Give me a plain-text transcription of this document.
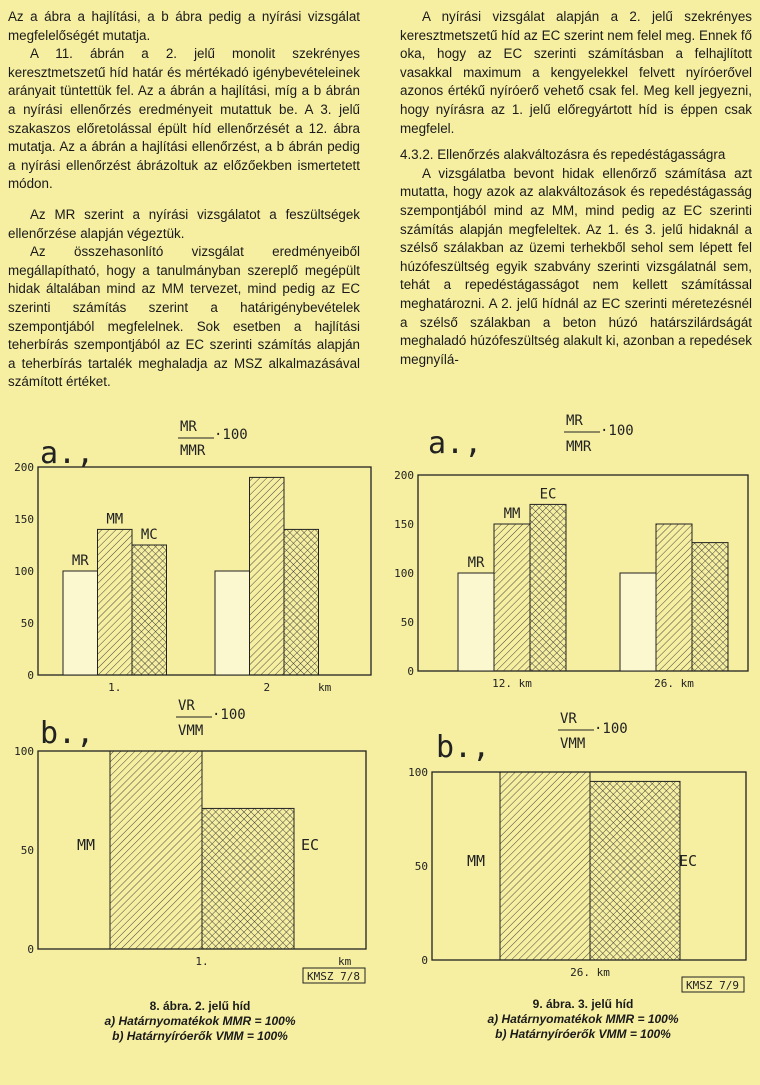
Az a ábra a hajlítási, a b ábra pedig a nyírási vizsgálat megfelelőségét mutatja.

A 11. ábrán a 2. jelű monolit szekrényes keresztmetszetű híd határ és mértékadó igénybevételeinek arányait tüntettük fel. Az a ábrán a hajlítási, míg a b ábrán a nyírási ellenőrzés eredményeit mutattuk be. A 3. jelű szakaszos előretolással épült híd ellenőrzését a 12. ábra mutatja. Az a ábrán a hajlítási ellenőrzést, a b ábrán pedig a nyírási ellenőrzést ábrázoltuk az előzőekben ismertetett módon.

Az MR szerint a nyírási vizsgálatot a feszültségek ellenőrzése alapján végeztük.

Az összehasonlító vizsgálat eredményeiből megállapítható, hogy a tanulmányban szereplő megépült hidak általában mind az MM tervezet, mind pedig az EC szerinti számítás szerint a határigénybevételek szempontjából megfelelnek. Sok esetben a hajlítási teherbírás szempontjából az EC szerinti számítás alapján a teherbírás tartalék meghaladja az MSZ alkalmazásával számított értéket.

A nyírási vizsgálat alapján a 2. jelű szekrényes keresztmetszetű híd az EC szerint nem felel meg. Ennek fő oka, hogy az EC szerinti számításban a felhajlított vasakkal maximum a kengyelekkel felvett nyíróerővel azonos értékű nyíróerő vehető csak fel. Meg kell jegyezni, hogy nyírásra az 1. jelű előregyártott híd is éppen csak megfelel.

4.3.2. Ellenőrzés alakváltozásra és repedéstágasságra

A vizsgálatba bevont hidak ellenőrző számítása azt mutatta, hogy azok az alakváltozások és repedéstágasság szempontjából mind az MM, mind pedig az EC szerinti számítás alapján megfeleltek. Az 1. és 3. jelű hidaknál a szélső szálakban az üzemi terhekből sehol sem lépett fel húzófeszültség egyik szabvány szerinti vizsgálatnál sem, tehát a repedéstágasságot nem kellett számítással meghatározni. A 2. jelű hídnál az EC szerinti méretezésnél a szélső szálakban a beton húzó határszilárdságát meghaladó húzófeszültség alakult ki, azonban a repedések megnyílá-

a.,
MR
MMR
·100
200
150
100
50
0
MR
MM
MC
1.	2	km
b.,
VR
VMM
·100
100
50
0
MM	EC
1.	km
KMSZ 7/8
a.,
MR
MMR
·100
200
150
100
50
0
MR
MM
EC
12. km	26. km
b.,
VR
VMM
·100
100
50
0
MM	EC
26. km
KMSZ 7/9
8. ábra. 2. jelű híd
a) Határnyomatékok MMR = 100%
b) Határnyíróerők VMM = 100%
9. ábra. 3. jelű híd
a) Határnyomatékok MMR = 100%
b) Határnyíróerők VMM = 100%
